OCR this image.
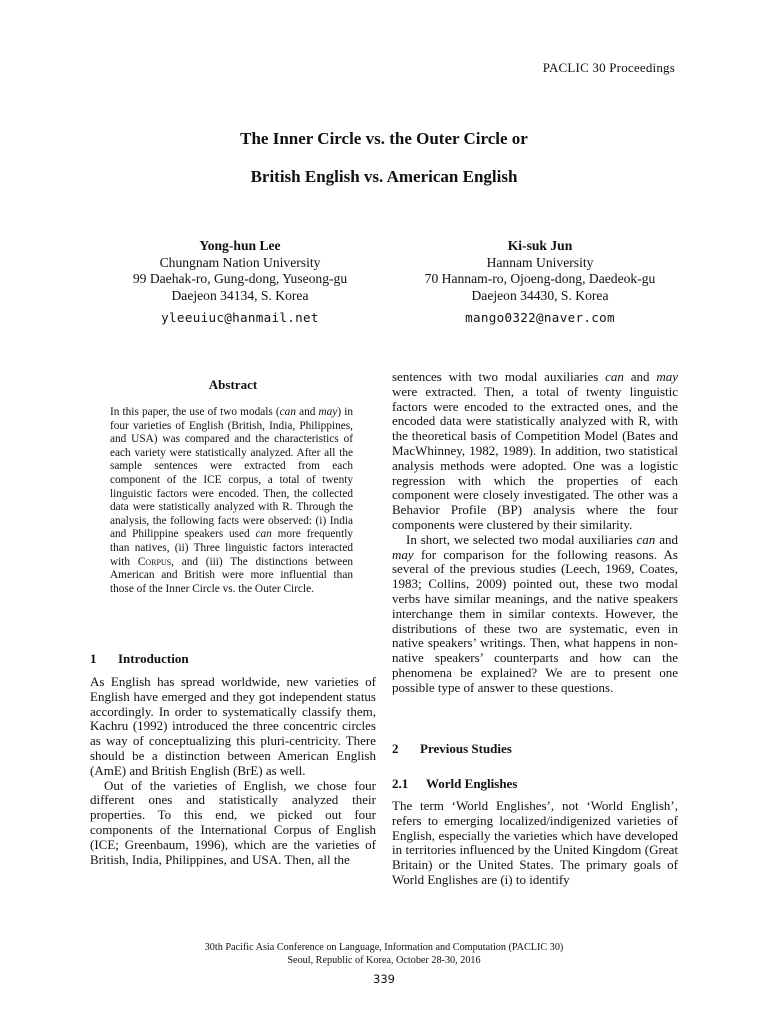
PACLIC 30 Proceedings
The Inner Circle vs. the Outer Circle or
British English vs. American English
Yong-hun Lee
Chungnam Nation University
99 Daehak-ro, Gung-dong, Yuseong-gu
Daejeon 34134, S. Korea
yleeuiuc@hanmail.net
Ki-suk Jun
Hannam University
70 Hannam-ro, Ojoeng-dong, Daedeok-gu
Daejeon 34430, S. Korea
mango0322@naver.com
Abstract
In this paper, the use of two modals (can and may) in four varieties of English (British, India, Philippines, and USA) was compared and the characteristics of each variety were statistically analyzed. After all the sample sentences were extracted from each component of the ICE corpus, a total of twenty linguistic factors were encoded. Then, the collected data were statistically analyzed with R. Through the analysis, the following facts were observed: (i) India and Philippine speakers used can more frequently than natives, (ii) Three linguistic factors interacted with Corpus, and (iii) The distinctions between American and British were more influential than those of the Inner Circle vs. the Outer Circle.
1 Introduction

As English has spread worldwide, new varieties of English have emerged and they got independent status accordingly. In order to systematically classify them, Kachru (1992) introduced the three concentric circles as way of conceptualizing this pluri-centricity. There should be a distinction between American English (AmE) and British English (BrE) as well.

Out of the varieties of English, we chose four different ones and statistically analyzed their properties. To this end, we picked out four components of the International Corpus of English (ICE; Greenbaum, 1996), which are the varieties of British, India, Philippines, and USA. Then, all the

sentences with two modal auxiliaries can and may were extracted. Then, a total of twenty linguistic factors were encoded to the extracted ones, and the encoded data were statistically analyzed with R, with the theoretical basis of Competition Model (Bates and MacWhinney, 1982, 1989). In addition, two statistical analysis methods were adopted. One was a logistic regression with which the properties of each component were closely investigated. The other was a Behavior Profile (BP) analysis where the four components were clustered by their similarity.

In short, we selected two modal auxiliaries can and may for comparison for the following reasons. As several of the previous studies (Leech, 1969, Coates, 1983; Collins, 2009) pointed out, these two modal verbs have similar meanings, and the native speakers interchange them in similar contexts. However, the distributions of these two are systematic, even in native speakers’ writings. Then, what happens in non-native speakers’ counterparts and how can the phenomena be explained? We are to present one possible type of answer to these questions.

2 Previous Studies
2.1 World Englishes

The term ‘World Englishes’, not ‘World English’, refers to emerging localized/indigenized varieties of English, especially the varieties which have developed in territories influenced by the United Kingdom (Great Britain) or the United States. The primary goals of World Englishes are (i) to identify

30th Pacific Asia Conference on Language, Information and Computation (PACLIC 30)
Seoul, Republic of Korea, October 28-30, 2016
339
